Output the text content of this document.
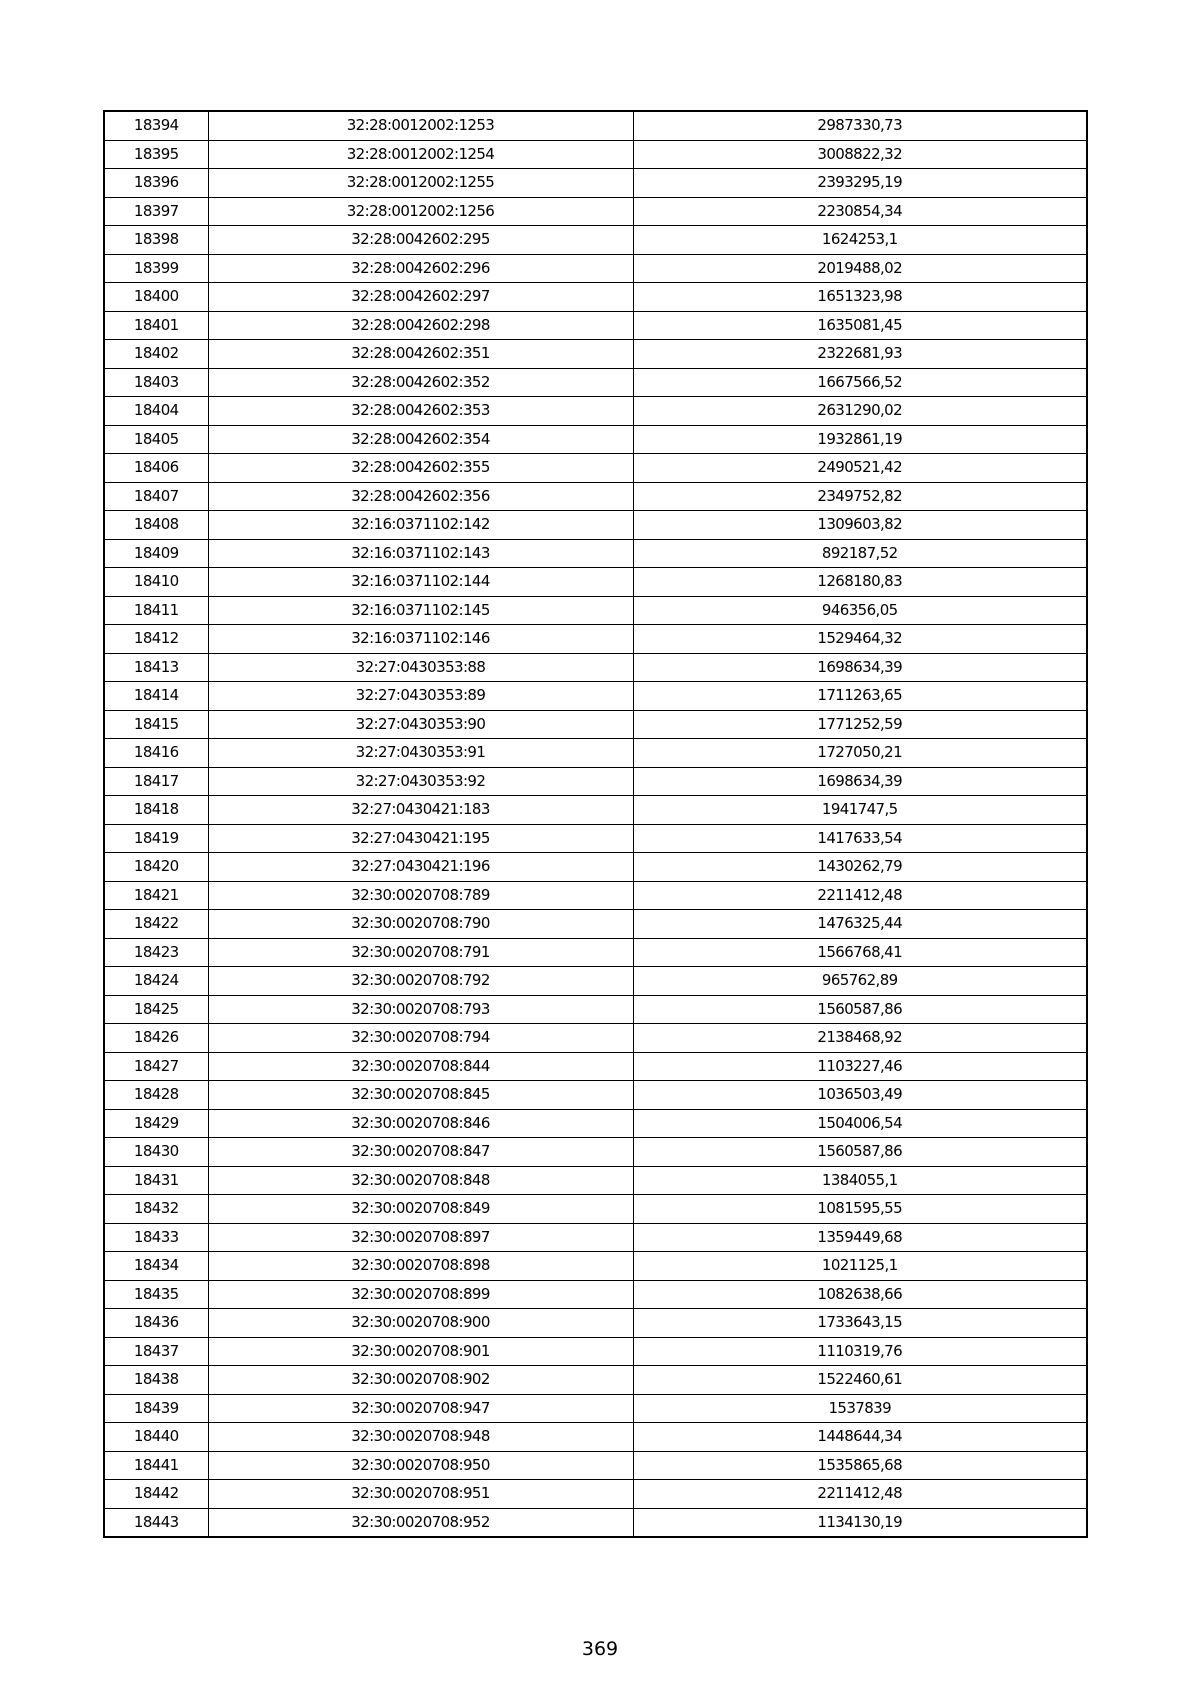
18394	32:28:0012002:1253	2987330,73
18395	32:28:0012002:1254	3008822,32
18396	32:28:0012002:1255	2393295,19
18397	32:28:0012002:1256	2230854,34
18398	32:28:0042602:295	1624253,1
18399	32:28:0042602:296	2019488,02
18400	32:28:0042602:297	1651323,98
18401	32:28:0042602:298	1635081,45
18402	32:28:0042602:351	2322681,93
18403	32:28:0042602:352	1667566,52
18404	32:28:0042602:353	2631290,02
18405	32:28:0042602:354	1932861,19
18406	32:28:0042602:355	2490521,42
18407	32:28:0042602:356	2349752,82
18408	32:16:0371102:142	1309603,82
18409	32:16:0371102:143	892187,52
18410	32:16:0371102:144	1268180,83
18411	32:16:0371102:145	946356,05
18412	32:16:0371102:146	1529464,32
18413	32:27:0430353:88	1698634,39
18414	32:27:0430353:89	1711263,65
18415	32:27:0430353:90	1771252,59
18416	32:27:0430353:91	1727050,21
18417	32:27:0430353:92	1698634,39
18418	32:27:0430421:183	1941747,5
18419	32:27:0430421:195	1417633,54
18420	32:27:0430421:196	1430262,79
18421	32:30:0020708:789	2211412,48
18422	32:30:0020708:790	1476325,44
18423	32:30:0020708:791	1566768,41
18424	32:30:0020708:792	965762,89
18425	32:30:0020708:793	1560587,86
18426	32:30:0020708:794	2138468,92
18427	32:30:0020708:844	1103227,46
18428	32:30:0020708:845	1036503,49
18429	32:30:0020708:846	1504006,54
18430	32:30:0020708:847	1560587,86
18431	32:30:0020708:848	1384055,1
18432	32:30:0020708:849	1081595,55
18433	32:30:0020708:897	1359449,68
18434	32:30:0020708:898	1021125,1
18435	32:30:0020708:899	1082638,66
18436	32:30:0020708:900	1733643,15
18437	32:30:0020708:901	1110319,76
18438	32:30:0020708:902	1522460,61
18439	32:30:0020708:947	1537839
18440	32:30:0020708:948	1448644,34
18441	32:30:0020708:950	1535865,68
18442	32:30:0020708:951	2211412,48
18443	32:30:0020708:952	1134130,19
369
